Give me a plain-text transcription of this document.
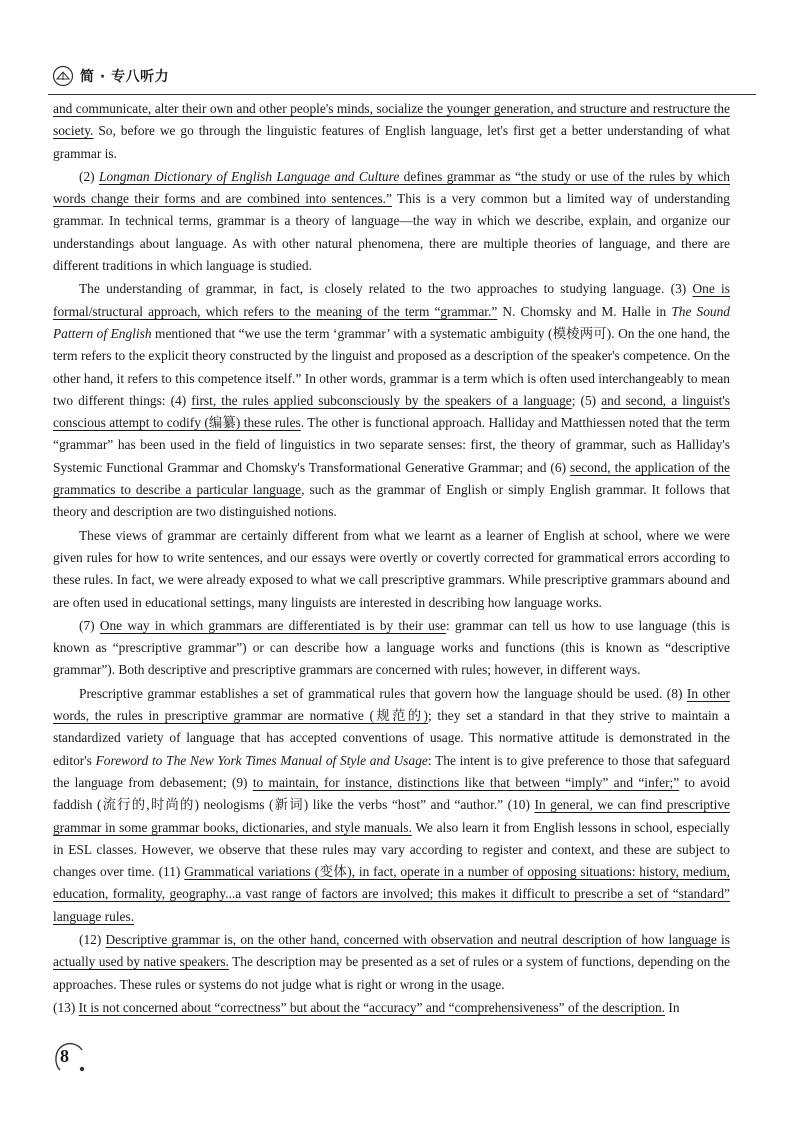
简 · 专八听力

and communicate, alter their own and other people's minds, socialize the younger generation, and structure and restructure the society. So, before we go through the linguistic features of English language, let's first get a better understanding of what grammar is.

(2) Longman Dictionary of English Language and Culture defines grammar as “the study or use of the rules by which words change their forms and are combined into sentences.” This is a very common but a limited way of understanding grammar. In technical terms, grammar is a theory of language—the way in which we describe, explain, and organize our understandings about language. As with other natural phenomena, there are multiple theories of language, and there are different traditions in which language is studied.

The understanding of grammar, in fact, is closely related to the two approaches to studying language. (3) One is formal/structural approach, which refers to the meaning of the term “grammar.” N. Chomsky and M. Halle in The Sound Pattern of English mentioned that “we use the term ‘grammar’ with a systematic ambiguity (模棱两可). On the one hand, the term refers to the explicit theory constructed by the linguist and proposed as a description of the speaker's competence. On the other hand, it refers to this competence itself.” In other words, grammar is a term which is often used interchangeably to mean two different things: (4) first, the rules applied subconsciously by the speakers of a language; (5) and second, a linguist's conscious attempt to codify (编纂) these rules. The other is functional approach. Halliday and Matthiessen noted that the term “grammar” has been used in the field of linguistics in two separate senses: first, the theory of grammar, such as Halliday's Systemic Functional Grammar and Chomsky's Transformational Generative Grammar; and (6) second, the application of the grammatics to describe a particular language, such as the grammar of English or simply English grammar. It follows that theory and description are two distinguished notions.

These views of grammar are certainly different from what we learnt as a learner of English at school, where we were given rules for how to write sentences, and our essays were overtly or covertly corrected for grammatical errors according to these rules. In fact, we were already exposed to what we call prescriptive grammars. While prescriptive grammars abound and are often used in educational settings, many linguists are interested in describing how language works.

(7) One way in which grammars are differentiated is by their use: grammar can tell us how to use language (this is known as “prescriptive grammar”) or can describe how a language works and functions (this is known as “descriptive grammar”). Both descriptive and prescriptive grammars are concerned with rules; however, in different ways.

Prescriptive grammar establishes a set of grammatical rules that govern how the language should be used. (8) In other words, the rules in prescriptive grammar are normative (规范的); they set a standard in that they strive to maintain a standardized variety of language that has accepted conventions of usage. This normative attitude is demonstrated in the editor's Foreword to The New York Times Manual of Style and Usage: The intent is to give preference to those that safeguard the language from debasement; (9) to maintain, for instance, distinctions like that between “imply” and “infer;” to avoid faddish (流行的,时尚的) neologisms (新词) like the verbs “host” and “author.” (10) In general, we can find prescriptive grammar in some grammar books, dictionaries, and style manuals. We also learn it from English lessons in school, especially in ESL classes. However, we observe that these rules may vary according to register and context, and these are subject to changes over time. (11) Grammatical variations (变体), in fact, operate in a number of opposing situations: history, medium, education, formality, geography...a vast range of factors are involved; this makes it difficult to prescribe a set of “standard” language rules.

(12) Descriptive grammar is, on the other hand, concerned with observation and neutral description of how language is actually used by native speakers. The description may be presented as a set of rules or a system of functions, depending on the approaches. These rules or systems do not judge what is right or wrong in the usage.

(13) It is not concerned about “correctness” but about the “accuracy” and “comprehensiveness” of the description. In

8
